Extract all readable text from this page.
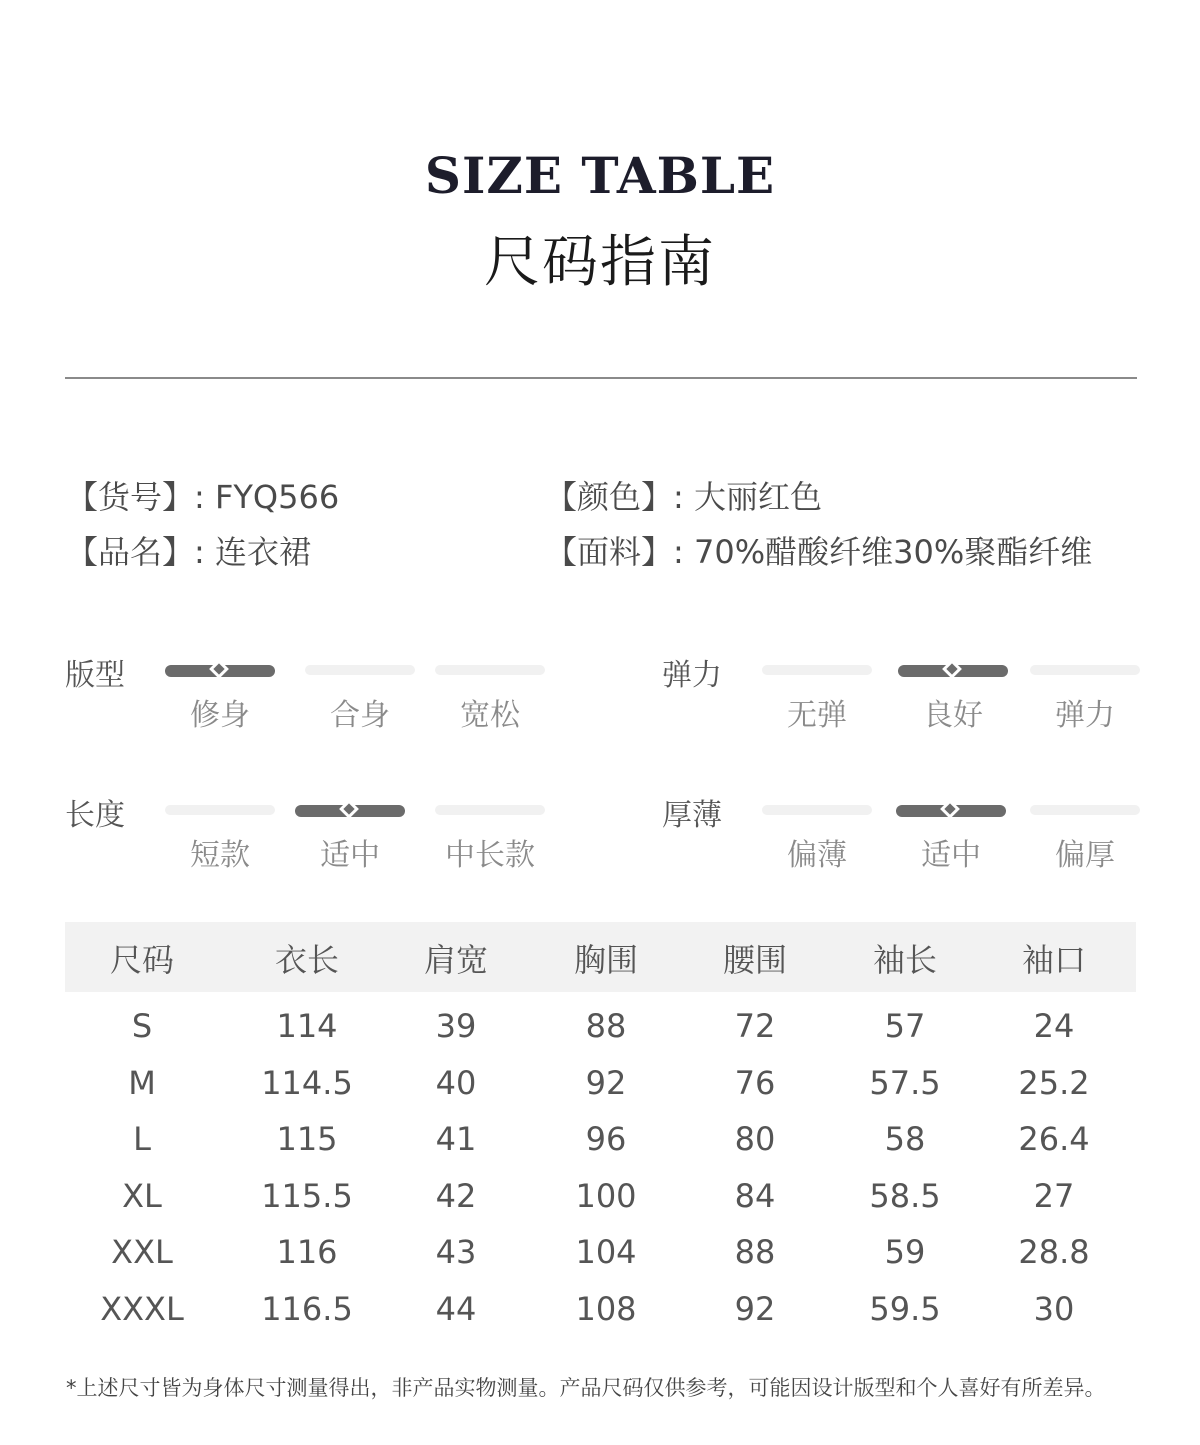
SIZE TABLE
尺码指南
【货号】: FYQ566	【颜色】: 大丽红色
【品名】: 连衣裙	【面料】: 70%醋酸纤维30%聚酯纤维
版型
修身	合身	宽松
弹力
无弹	良好	弹力
长度
短款	适中	中长款
厚薄
偏薄	适中	偏厚
尺码	衣长	肩宽	胸围	腰围	袖长	袖口
S	114	39	88	72	57	24
M	114.5	40	92	76	57.5	25.2
L	115	41	96	80	58	26.4
XL	115.5	42	100	84	58.5	27
XXL	116	43	104	88	59	28.8
XXXL	116.5	44	108	92	59.5	30
*上述尺寸皆为身体尺寸测量得出，非产品实物测量。产品尺码仅供参考，可能因设计版型和个人喜好有所差异。
